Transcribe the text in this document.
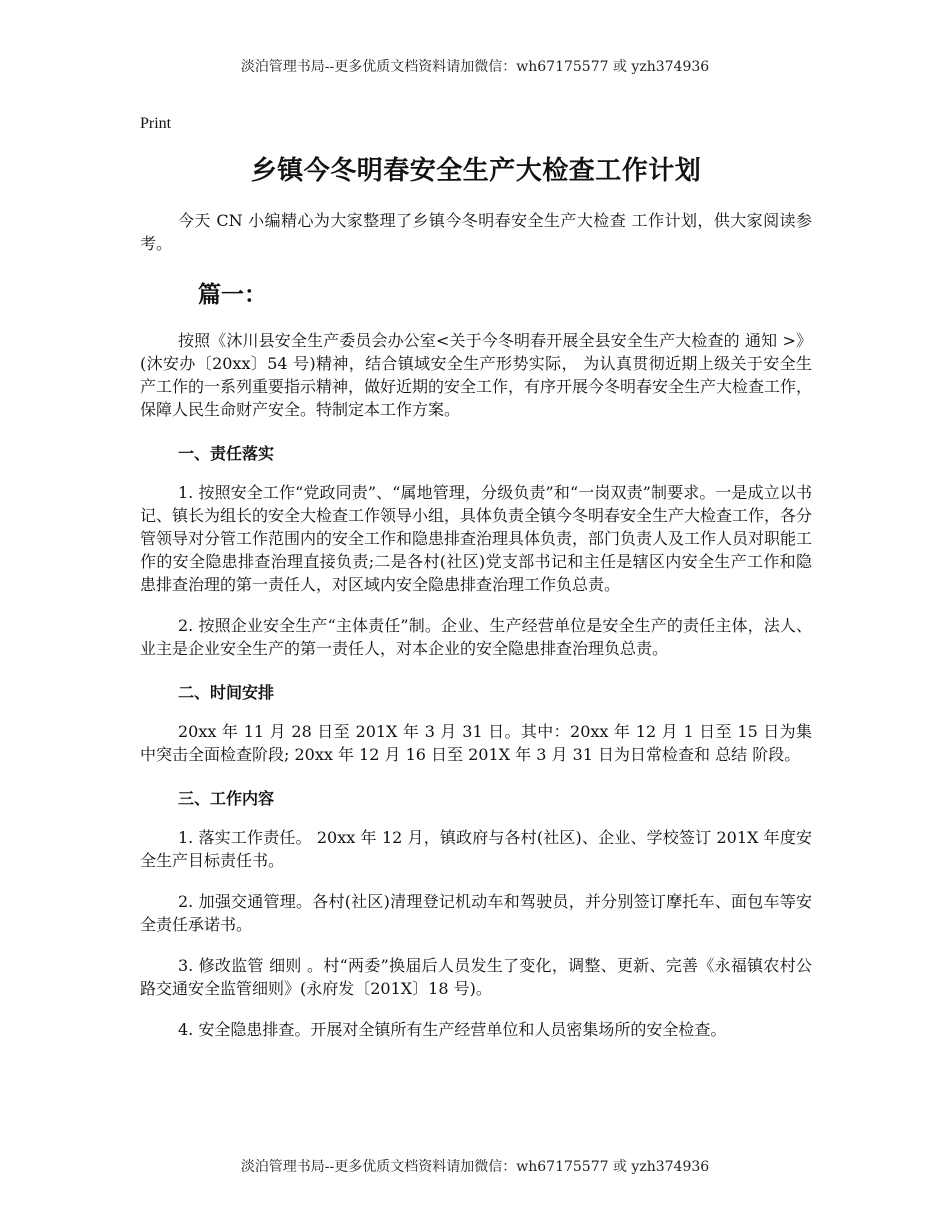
淡泊管理书局--更多优质文档资料请加微信：wh67175577 或 yzh374936
Print
乡镇今冬明春安全生产大检查工作计划

今天 CN 小编精心为大家整理了乡镇今冬明春安全生产大检查 工作计划，供大家阅读参考。

篇一：

按照《沐川县安全生产委员会办公室<关于今冬明春开展全县安全生产大检查的 通知 >》(沐安办〔20xx〕54 号)精神，结合镇域安全生产形势实际， 为认真贯彻近期上级关于安全生产工作的一系列重要指示精神，做好近期的安全工作，有序开展今冬明春安全生产大检查工作，保障人民生命财产安全。特制定本工作方案。

一、责任落实

1. 按照安全工作“党政同责”、“属地管理，分级负责”和“一岗双责”制要求。一是成立以书记、镇长为组长的安全大检查工作领导小组，具体负责全镇今冬明春安全生产大检查工作，各分管领导对分管工作范围内的安全工作和隐患排查治理具体负责，部门负责人及工作人员对职能工作的安全隐患排查治理直接负责;二是各村(社区)党支部书记和主任是辖区内安全生产工作和隐患排查治理的第一责任人，对区域内安全隐患排查治理工作负总责。

2. 按照企业安全生产“主体责任”制。企业、生产经营单位是安全生产的责任主体，法人、业主是企业安全生产的第一责任人，对本企业的安全隐患排查治理负总责。

二、时间安排

20xx 年 11 月 28 日至 201X 年 3 月 31 日。其中：20xx 年 12 月 1 日至 15 日为集中突击全面检查阶段; 20xx 年 12 月 16 日至 201X 年 3 月 31 日为日常检查和 总结 阶段。

三、工作内容

1. 落实工作责任。 20xx 年 12 月，镇政府与各村(社区)、企业、学校签订 201X 年度安全生产目标责任书。

2. 加强交通管理。各村(社区)清理登记机动车和驾驶员，并分别签订摩托车、面包车等安全责任承诺书。

3. 修改监管 细则 。村“两委”换届后人员发生了变化，调整、更新、完善《永福镇农村公路交通安全监管细则》(永府发〔201X〕18 号)。

4. 安全隐患排查。开展对全镇所有生产经营单位和人员密集场所的安全检查。

淡泊管理书局--更多优质文档资料请加微信：wh67175577 或 yzh374936
